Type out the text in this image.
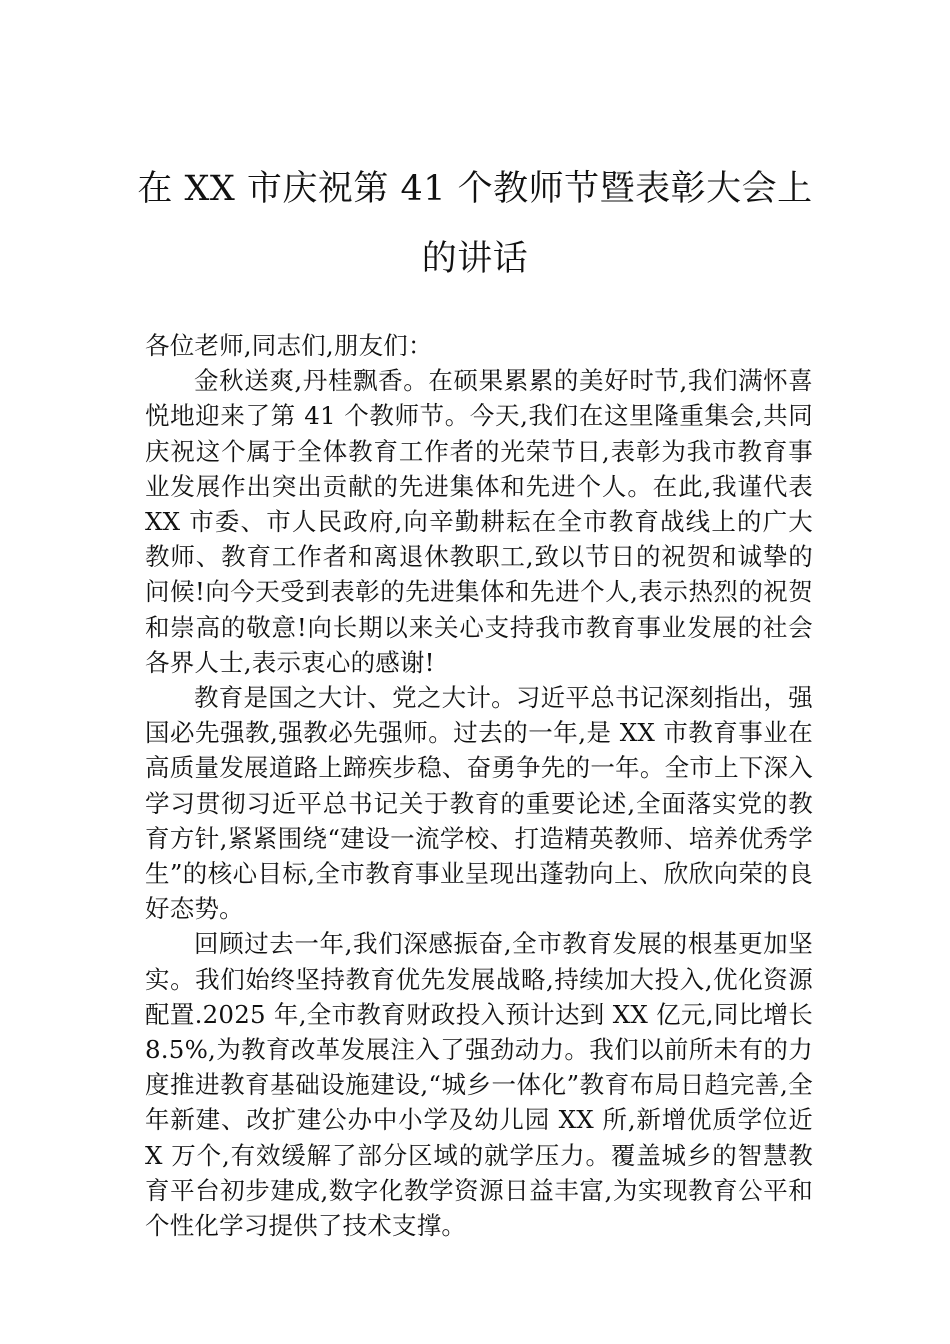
在 XX 市庆祝第 41 个教师节暨表彰大会上
的讲话

各位老师,同志们,朋友们：

金秋送爽,丹桂飘香。在硕果累累的美好时节,我们满怀喜悦地迎来了第 41 个教师节。今天,我们在这里隆重集会,共同庆祝这个属于全体教育工作者的光荣节日,表彰为我市教育事业发展作出突出贡献的先进集体和先进个人。在此,我谨代表 XX 市委、市人民政府,向辛勤耕耘在全市教育战线上的广大教师、教育工作者和离退休教职工,致以节日的祝贺和诚挚的问候!向今天受到表彰的先进集体和先进个人,表示热烈的祝贺和崇高的敬意!向长期以来关心支持我市教育事业发展的社会各界人士,表示衷心的感谢!

教育是国之大计、党之大计。习近平总书记深刻指出，强国必先强教,强教必先强师。过去的一年,是 XX 市教育事业在高质量发展道路上蹄疾步稳、奋勇争先的一年。全市上下深入学习贯彻习近平总书记关于教育的重要论述,全面落实党的教育方针,紧紧围绕“建设一流学校、打造精英教师、培养优秀学生”的核心目标,全市教育事业呈现出蓬勃向上、欣欣向荣的良好态势。

回顾过去一年,我们深感振奋,全市教育发展的根基更加坚实。我们始终坚持教育优先发展战略,持续加大投入,优化资源配置.2025 年,全市教育财政投入预计达到 XX 亿元,同比增长 8.5%,为教育改革发展注入了强劲动力。我们以前所未有的力度推进教育基础设施建设,“城乡一体化”教育布局日趋完善,全年新建、改扩建公办中小学及幼儿园 XX 所,新增优质学位近 X 万个,有效缓解了部分区域的就学压力。覆盖城乡的智慧教育平台初步建成,数字化教学资源日益丰富,为实现教育公平和个性化学习提供了技术支撑。
